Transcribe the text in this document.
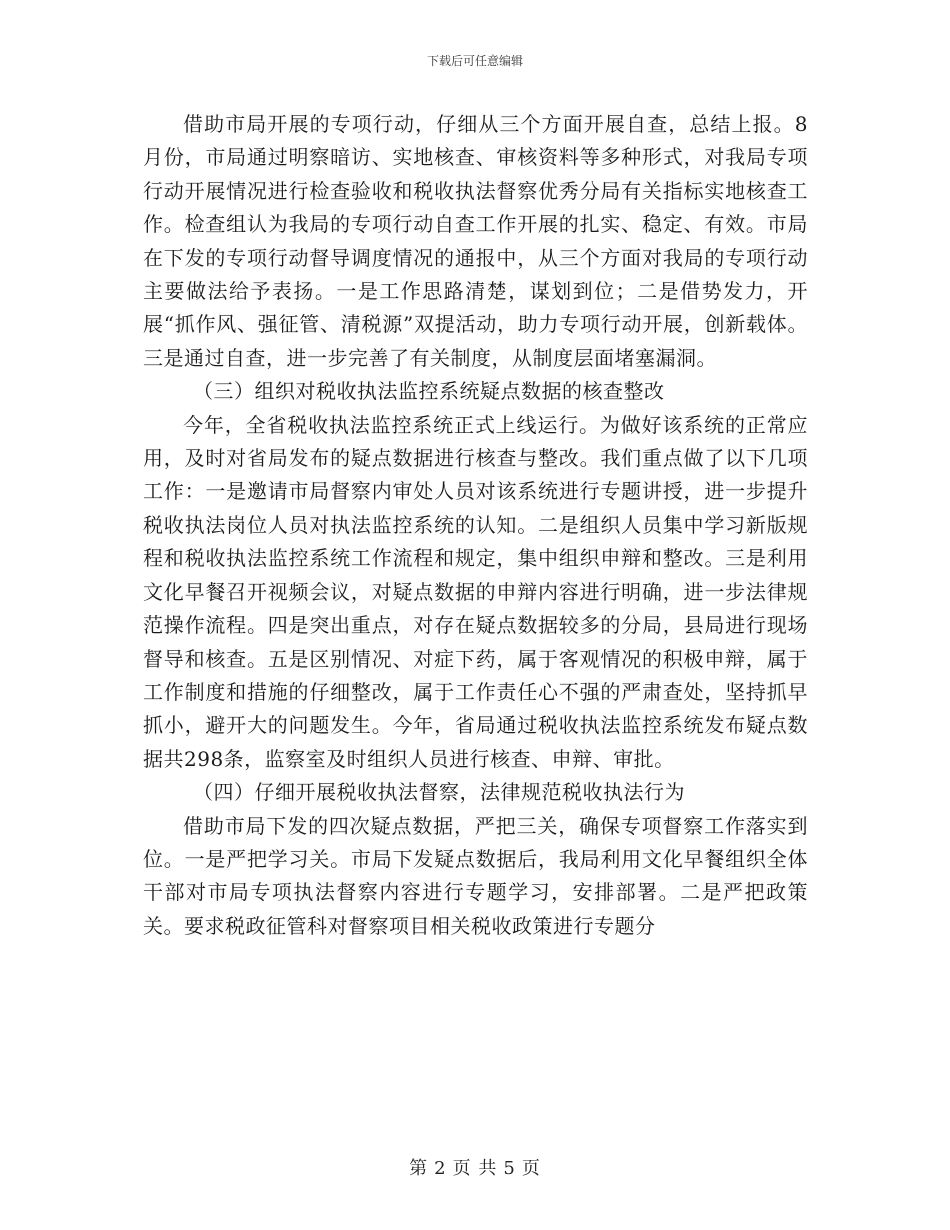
下载后可任意编辑

借助市局开展的专项行动，仔细从三个方面开展自查，总结上报。8月份，市局通过明察暗访、实地核查、审核资料等多种形式，对我局专项行动开展情况进行检查验收和税收执法督察优秀分局有关指标实地核查工作。检查组认为我局的专项行动自查工作开展的扎实、稳定、有效。市局在下发的专项行动督导调度情况的通报中，从三个方面对我局的专项行动主要做法给予表扬。一是工作思路清楚，谋划到位；二是借势发力，开展“抓作风、强征管、清税源”双提活动，助力专项行动开展，创新载体。三是通过自查，进一步完善了有关制度，从制度层面堵塞漏洞。

（三）组织对税收执法监控系统疑点数据的核查整改

今年，全省税收执法监控系统正式上线运行。为做好该系统的正常应用，及时对省局发布的疑点数据进行核查与整改。我们重点做了以下几项工作：一是邀请市局督察内审处人员对该系统进行专题讲授，进一步提升税收执法岗位人员对执法监控系统的认知。二是组织人员集中学习新版规程和税收执法监控系统工作流程和规定，集中组织申辩和整改。三是利用文化早餐召开视频会议，对疑点数据的申辩内容进行明确，进一步法律规范操作流程。四是突出重点，对存在疑点数据较多的分局，县局进行现场督导和核查。五是区别情况、对症下药，属于客观情况的积极申辩，属于工作制度和措施的仔细整改，属于工作责任心不强的严肃查处，坚持抓早抓小，避开大的问题发生。今年，省局通过税收执法监控系统发布疑点数据共298条，监察室及时组织人员进行核查、申辩、审批。

（四）仔细开展税收执法督察，法律规范税收执法行为

借助市局下发的四次疑点数据，严把三关，确保专项督察工作落实到位。一是严把学习关。市局下发疑点数据后，我局利用文化早餐组织全体干部对市局专项执法督察内容进行专题学习，安排部署。二是严把政策关。要求税政征管科对督察项目相关税收政策进行专题分

第 2 页 共 5 页
